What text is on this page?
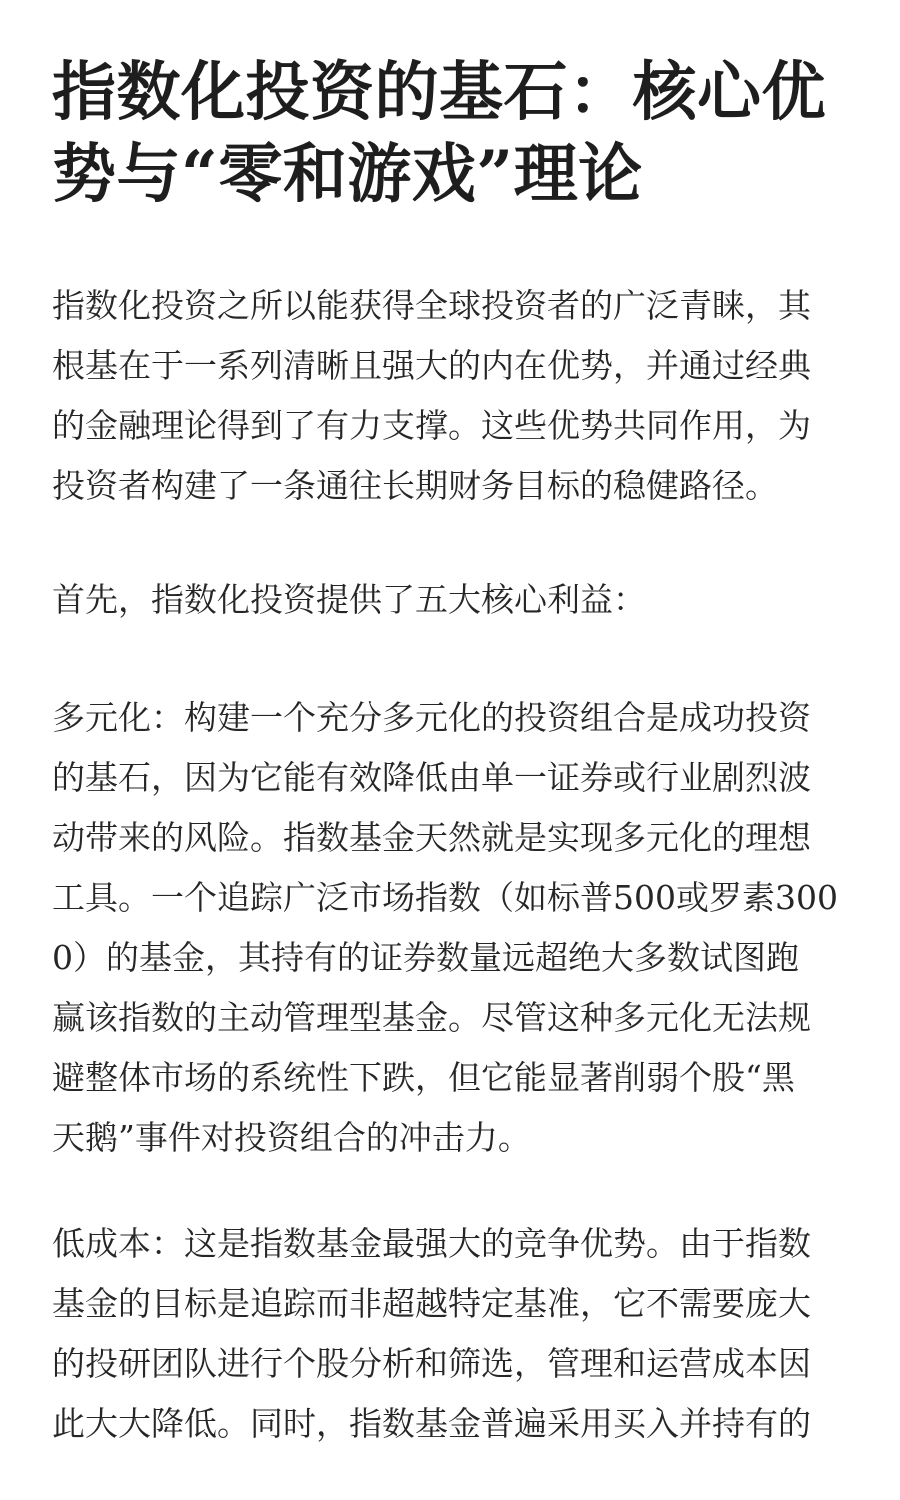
指数化投资的基石：核心优
势与“零和游戏”理论

指数化投资之所以能获得全球投资者的广泛青睐，其
根基在于一系列清晰且强大的内在优势，并通过经典
的金融理论得到了有力支撑。这些优势共同作用，为
投资者构建了一条通往长期财务目标的稳健路径。

首先，指数化投资提供了五大核心利益：

多元化：构建一个充分多元化的投资组合是成功投资
的基石，因为它能有效降低由单一证券或行业剧烈波
动带来的风险。指数基金天然就是实现多元化的理想
工具。一个追踪广泛市场指数（如标普500或罗素300
0）的基金，其持有的证券数量远超绝大多数试图跑
赢该指数的主动管理型基金。尽管这种多元化无法规
避整体市场的系统性下跌，但它能显著削弱个股“黑
天鹅”事件对投资组合的冲击力。

低成本：这是指数基金最强大的竞争优势。由于指数
基金的目标是追踪而非超越特定基准，它不需要庞大
的投研团队进行个股分析和筛选，管理和运营成本因
此大大降低。同时，指数基金普遍采用买入并持有的
